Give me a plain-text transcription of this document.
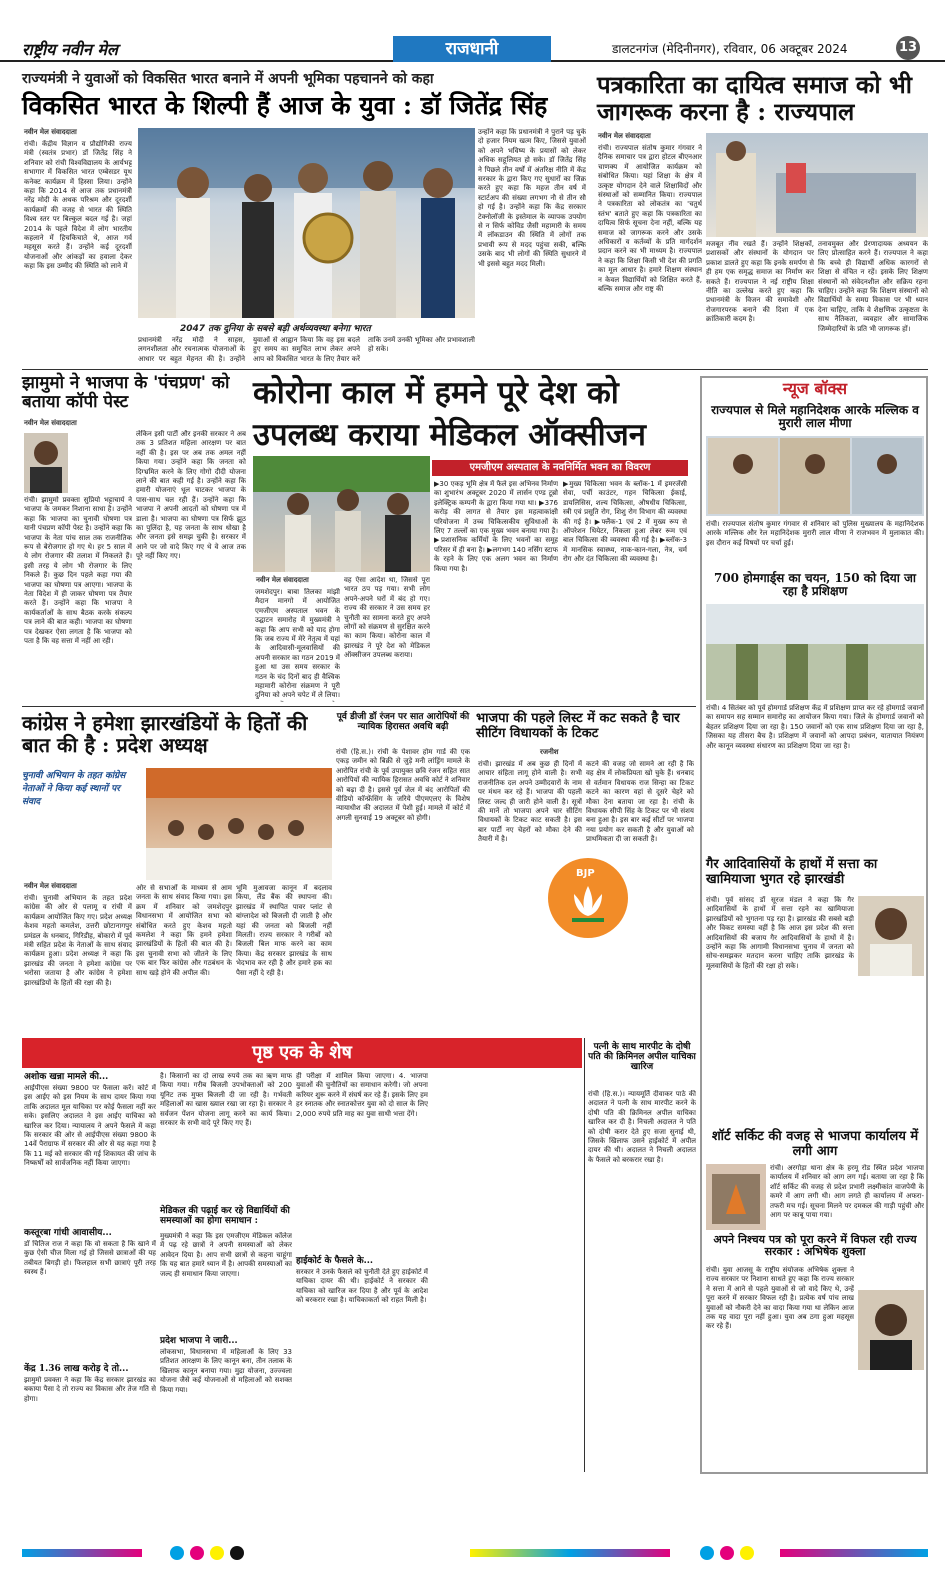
राष्ट्रीय नवीन मेल	राजधानी	डालटनगंज (मेदिनीनगर), रविवार, 06 अक्टूबर 2024	13
राज्यमंत्री ने युवाओं को विकसित भारत बनाने में अपनी भूमिका पहचानने को कहा
विकसित भारत के शिल्पी हैं आज के युवा : डॉ जितेंद्र सिंह
नवीन मेल संवाददाता
रांची। केंद्रीय विज्ञान व प्रौद्योगिकी राज्य मंत्री (स्वतंत्र प्रभार) डॉ जितेंद्र सिंह ने शनिवार को रांची विश्वविद्यालय के आर्यभट्ट सभागार में विकसित भारत एम्बेसडर यूथ कनेक्ट कार्यक्रम में हिस्सा लिया। उन्होंने कहा कि 2014 से आज तक प्रधानमंत्री नरेंद्र मोदी के अथक परिश्रम और दूरदर्शी कार्यक्रमों की वजह से भारत की स्थिति विश्व स्तर पर बिल्कुल बदल गई है। जहां 2014 के पहले विदेश में लोग भारतीय कहलाने में हिचकिचाते थे, आज गर्व महसूस करते हैं। उन्होंने कई दूरदर्शी योजनाओं और आंकड़ों का हवाला देकर कहा कि इस उम्मीद की स्थिति को लाने में
2047 तक दुनिया के सबसे बड़ी अर्थव्यवस्था बनेगा भारत
प्रधानमंत्री नरेंद्र मोदी ने साहस, लगनशीलता और रचनात्मक योजनाओं के आधार पर बहुत मेहनत की है। उन्होंने युवाओं से आह्वान किया कि वह इस बदले हुए समय का समुचित लाभ लेकर अपने आप को विकसित भारत के लिए तैयार करें ताकि उनमें उनकी भूमिका और प्रभावशाली हो सके।
उन्होंने कहा कि प्रधानमंत्री ने पुराने पड़ चुके दो हजार नियम खत्म किए, जिससे युवाओं को अपने भविष्य के प्रयासों को लेकर अधिक सहूलियत हो सके। डॉ जितेंद्र सिंह ने पिछले तीन वर्षों में अंतरिक्ष नीति में केंद्र सरकार के द्वारा किए गए सुधारों का जिक्र करते हुए कहा कि महज तीन वर्ष में स्टार्टअप की संख्या लगभग नौ से तीन सौ हो गई है। उन्होंने कहा कि केंद्र सरकार टेक्नोलॉजी के इस्तेमाल के व्यापक उपयोग से न सिर्फ कोविड जैसी महामारी के समय में लॉकडाउन की स्थिति में लोगों तक प्रभावी रूप से मदद पहुंचा सकी, बल्कि उसके बाद भी लोगों की स्थिति सुधारने में भी इससे बहुत मदद मिली।
पत्रकारिता का दायित्व समाज को भी जागरूक करना है : राज्यपाल
नवीन मेल संवाददाता
रांची। राज्यपाल संतोष कुमार गंगवार ने दैनिक समाचार पत्र द्वारा होटल बीएनआर चाणक्य में आयोजित कार्यक्रम को संबोधित किया। यहां शिक्षा के क्षेत्र में उत्कृष्ट योगदान देने वाले शिक्षाविदों और संस्थाओं को सम्मानित किया। राज्यपाल ने पत्रकारिता को लोकतंत्र का 'चतुर्थ स्तंभ' बताते हुए कहा कि पत्रकारिता का दायित्व सिर्फ सूचना देना नहीं, बल्कि यह समाज को जागरूक करने और उसके अधिकारों व कर्तव्यों के प्रति मार्गदर्शन प्रदान करने का भी माध्यम है। राज्यपाल ने कहा कि शिक्षा किसी भी देश की प्रगति का मूल आधार है। हमारे शिक्षण संस्थान न केवल विद्यार्थियों को शिक्षित करते हैं, बल्कि समाज और राष्ट्र की
मजबूत नींव रखते हैं। उन्होंने शिक्षकों, प्रशासकों और संस्थानों के योगदान पर प्रकाश डालते हुए कहा कि इनके समर्पण से ही हम एक समृद्ध समाज का निर्माण कर सकते हैं। राज्यपाल ने नई राष्ट्रीय शिक्षा नीति का उल्लेख करते हुए कहा कि प्रधानमंत्री के विजन की समावेशी और रोजगारपरक बनाने की दिशा में एक क्रांतिकारी कदम है।
तनावमुक्त और प्रेरणादायक अध्ययन के लिए प्रोत्साहित करने हैं। राज्यपाल ने कहा कि बच्चे ही विद्यार्थी अधिक कारगरों से शिक्षा से वंचित न रहें। इसके लिए शिक्षण संस्थानों को संवेदनशील और सक्रिय रहना चाहिए। उन्होंने कहा कि शिक्षण संस्थानों को विद्यार्थियों के समग्र विकास पर भी ध्यान देना चाहिए, ताकि वे शैक्षणिक उत्कृष्टता के साथ नैतिकता, व्यवहार और सामाजिक जिम्मेदारियों के प्रति भी जागरूक हों।
झामुमो ने भाजपा के 'पंचप्रण' को बताया कॉपी पेस्ट
नवीन मेल संवाददाता
रांची। झामुमो प्रवक्ता सुप्रियो भट्टाचार्य ने भाजपा के जमकर निशाना साधा है। उन्होंने कहा कि भाजपा का चुनावी घोषणा पत्र यानी पंचप्रण कॉपी पेस्ट है। उन्होंने कहा कि भाजपा के नेता पांच साल तक राजनीतिक रूप से बेरोजगार हो गए थे। हर 5 साल में ये लोग रोजगार की तलाश में निकलते हैं। इसी तरह ये लोग भी रोजगार के लिए निकले हैं। कुछ दिन पहले कहा गया की भाजपा का घोषणा पत्र आएगा। भाजपा के नेता विदेश में ही जाकर घोषणा पत्र तैयार करते हैं। उन्होंने कहा कि भाजपा ने कार्यकर्ताओं के साथ बैठक करके संकल्प पत्र लाने की बात कही। भाजपा का घोषणा पत्र देखकर ऐसा लगता है कि भाजपा को पता है कि वह सत्ता में नहीं आ रही।
लेकिन इसी पार्टी और इनकी सरकार ने अब तक 3 प्रतिशत महिला आरक्षण पर बात नहीं की है। इस पर अब तक अमल नहीं किया गया। उन्होंने कहा कि जनता को दिग्भ्रमित करने के लिए गोगो दीदी योजना लाने की बात कही गई है। उन्होंने कहा कि हमारी योजनाएं धूल चाटकर भाजपा के पास-साथ चल रही हैं। उन्होंने कहा कि भाजपा ने अपनी आदतों को घोषणा पत्र में डाला है। भाजपा का घोषणा पत्र सिर्फ झूठ का पुलिंदा है, यह जनता के साथ धोखा है और जनता इसे समझ चुकी है। सरकार में आने पर जो वादे किए गए थे वे आज तक पूरे नहीं किए गए।
कोरोना काल में हमने पूरे देश को उपलब्ध कराया मेडिकल ऑक्सीजन
एमजीएम अस्पताल के नवनिर्मित भवन का विवरण
नवीन मेल संवाददाता
जमशेदपुर। बाबा तिलका मांझी मैदान मानगो में आयोजित एमजीएम अस्पताल भवन के उद्घाटन समारोह में मुख्यमंत्री ने कहा कि आप सभी को याद होगा कि जब राज्य में मेरे नेतृत्व में यहां के आदिवासी-मूलवासियों की अपनी सरकार का गठन 2019 में हुआ था उस समय सरकार के गठन के चंद दिनों बाद ही वैश्विक महामारी कोरोना संक्रमण ने पूरी दुनिया को अपने चपेट में ले लिया।
वह ऐसा आदेश था, जिससे पूरा भारत ठप पड़ गया। सभी लोग अपने-अपने घरों में बंद हो गए। राज्य की सरकार ने उस समय हर चुनौती का सामना करते हुए अपने लोगों को संक्रमण से सुरक्षित करने का काम किया। कोरोना काल में झारखंड ने पूरे देश को मेडिकल ऑक्सीजन उपलब्ध कराया।
▶30 एकड़ भूमि क्षेत्र में फैले इस अभिनव निर्माण का शुभारंभ अक्टूबर 2020 में लार्सन एण्ड टूब्रो इलेक्ट्रिक कम्पनी के द्वारा किया गया था। ▶376 करोड़ की लागत से तैयार इस महत्वाकांक्षी परियोजना में उच्च चिकित्सकीय सुविधाओं के लिए 7 तल्लों का एक मुख्य भवन बनाया गया है। ▶प्रशासनिक कर्मियों के लिए भवनों का समूह परिसर में ही बना है। ▶लगभग 140 नर्सिंग स्टाफ के रहने के लिए एक अलग भवन का निर्माण किया गया है।
▶मुख्य चिकित्सा भवन के ब्लॉक-1 में इमरजेंसी सेवा, पर्ची काउंटर, गहन चिकित्सा ईकाई, डायलिसिस, शल्य चिकित्सा, औषधीय चिकित्सा, स्त्री एवं प्रसूति रोग, शिशु रोग विभाग की व्यवस्था की गई है। ▶फ्लैंक-1 एवं 2 में मुख्य रूप से ऑपरेशन थियेटर, निकला हुआ लेबर रूम एवं बाल चिकित्सा की व्यवस्था की गई है। ▶ब्लॉक-3 में मानसिक स्वास्थ्य, नाक-कान-गला, नेत्र, चर्म रोग और दंत चिकित्सा की व्यवस्था है।
न्यूज बॉक्स
राज्यपाल से मिले महानिदेशक आरके मल्लिक व मुरारी लाल मीणा
रांची। राज्यपाल संतोष कुमार गंगवार से शनिवार को पुलिस मुख्यालय के महानिदेशक आरके मल्लिक और रेल महानिदेशक मुरारी लाल मीणा ने राजभवन में मुलाकात की। इस दौरान कई विषयों पर चर्चा हुई।
700 होमगार्ड्स का चयन, 150 को दिया जा रहा है प्रशिक्षण
रांची। 4 सितंबर को पूर्व होमगार्ड प्रशिक्षण केंद्र में प्रशिक्षण प्राप्त कर रहे होमगार्ड जवानों का समापन सह सम्मान समारोह का आयोजन किया गया। जिले के होमगार्ड जवानों को बेहतर प्रशिक्षण दिया जा रहा है। 150 जवानों को एक साथ प्रशिक्षण दिया जा रहा है, जिसका यह तीसरा बैच है। प्रशिक्षण में जवानों को आपदा प्रबंधन, यातायात नियंत्रण और कानून व्यवस्था संधारण का प्रशिक्षण दिया जा रहा है।
गैर आदिवासियों के हाथों में सत्ता का खामियाजा भुगत रहे झारखंडी
रांची। पूर्व सांसद डॉ सूरज मंडल ने कहा कि गैर आदिवासियों के हाथों में सत्ता रहने का खामियाजा झारखंडियों को भुगतना पड़ रहा है। झारखंड की सबसे बड़ी और विकट समस्या वहीं है कि आज इस प्रदेश की सत्ता आदिवासियों की बजाय गैर आदिवासियों के हाथों में है। उन्होंने कहा कि आगामी विधानसभा चुनाव में जनता को सोच-समझकर मतदान करना चाहिए ताकि झारखंड के मूलवासियों के हितों की रक्षा हो सके।
शॉर्ट सर्किट की वजह से भाजपा कार्यालय में लगी आग
रांची। अरगोड़ा थाना क्षेत्र के हरमू रोड स्थित प्रदेश भाजपा कार्यालय में शनिवार को आग लग गई। बताया जा रहा है कि शॉर्ट सर्किट की वजह से प्रदेश प्रभारी लक्ष्मीकांत वाजपेयी के कमरे में आग लगी थी। आग लगते ही कार्यालय में अफरा-तफरी मच गई। सूचना मिलने पर दमकल की गाड़ी पहुंची और आग पर काबू पाया गया।
अपने निश्चय पत्र को पूरा करने में विफल रही राज्य सरकार : अभिषेक शुक्ला
रांची। युवा आजसू के राष्ट्रीय संयोजक अभिषेक शुक्ला ने राज्य सरकार पर निशाना साधते हुए कहा कि राज्य सरकार ने सत्ता में आने से पहले युवाओं से जो वादे किए थे, उन्हें पूरा करने में सरकार विफल रही है। प्रत्येक वर्ष पांच लाख युवाओं को नौकरी देने का वादा किया गया था लेकिन आज तक यह वादा पूरा नहीं हुआ। युवा अब ठगा हुआ महसूस कर रहे हैं।
कांग्रेस ने हमेशा झारखंडियों के हितों की बात की है : प्रदेश अध्यक्ष
चुनावी अभियान के तहत कांग्रेस नेताओं ने किया कई स्थानों पर संवाद
नवीन मेल संवाददाता
रांची। चुनावी अभियान के तहत प्रदेश कांग्रेस की ओर से पलामू व रांची में कार्यक्रम आयोजित किए गए। प्रदेश अध्यक्ष केशव महतो कमलेश, उत्तरी छोटानागपुर प्रमंडल के धनबाद, गिरिडीह, बोकारो में पूर्व मंत्री सहित प्रदेश के नेताओं के साथ संवाद कार्यक्रम हुआ। प्रदेश अध्यक्ष ने कहा कि झारखंड की जनता ने हमेशा कांग्रेस पर भरोसा जताया है और कांग्रेस ने हमेशा झारखंडियों के हितों की रक्षा की है।
ओर से सभाओं के माध्यम से आम जनता के साथ संवाद किया गया। इस क्रम में शनिवार को जमशेदपुर विधानसभा में आयोजित सभा को संबोधित करते हुए केशव महतो कमलेश ने कहा कि हमने हमेशा झारखंडियों के हितों की बात की है। इस चुनावी सभा को जीतने के लिए एक बार फिर कांग्रेस और गठबंधन के साथ खड़े होने की अपील की।
भूमि मुआवजा कानून में बदलाव किया, लैंड बैंक की स्थापना की। झारखंड में स्थापित पावर प्लांट से बांग्लादेश को बिजली दी जाती है और यहां की जनता को बिजली नहीं मिलती। राज्य सरकार ने गरीबों को बिजली बिल माफ करने का काम किया। केंद्र सरकार झारखंड के साथ भेदभाव कर रही है और हमारे हक का पैसा नहीं दे रही है।
पूर्व डीजी डॉ रंजन पर सात आरोपियों की न्यायिक हिरासत अवधि बढ़ी
रांची (हि.स.)। रांची के पेशावर होम गार्ड की एक एकड़ जमीन को बिक्री से जुड़े मनी लांड्रिंग मामले के आरोपित रांची के पूर्व उपायुक्त छवि रंजन सहित सात आरोपियों की न्यायिक हिरासत अवधि कोर्ट ने शनिवार को बढ़ा दी है। इससे पूर्व जेल में बंद आरोपितों की वीडियो कॉन्फ्रेंसिंग के जरिये पीएमएलए के विशेष न्यायाधीश की अदालत में पेशी हुई। मामले में कोर्ट में अगली सुनवाई 19 अक्टूबर को होगी।
भाजपा की पहले लिस्ट में कट सकते है चार सीटिंग विधायकों के टिकट
रजनीश
रांची। झारखंड में अब कुछ ही दिनों में आचार संहिता लागू होने वाली है। सभी राजनीतिक दल अपने उम्मीदवारों के नाम पर मंथन कर रहे हैं। भाजपा की पहली लिस्ट जल्द ही जारी होने वाली है। सूत्रों की मानें तो भाजपा अपने चार सीटिंग विधायकों के टिकट काट सकती है। इस बार पार्टी नए चेहरों को मौका देने की तैयारी में है।
BJP
कटने की वजह जो सामने आ रही है कि वह क्षेत्र में लोकप्रियता खो चुके हैं। धनबाद से वर्तमान विधायक राज सिन्हा का टिकट कटने का कारण वहां से दूसरे चेहरे को मौका देना बताया जा रहा है। रांची के विधायक सीपी सिंह के टिकट पर भी संशय बना हुआ है। इस बार कई सीटों पर भाजपा नया प्रयोग कर सकती है और युवाओं को प्राथमिकता दी जा सकती है।
पृष्ठ एक के शेष
अशोक खन्ना मामले की...
आईपीएस संख्या 9800 पर फैसला करें। कोर्ट में इस आईए को इस नियम के साथ दायर किया गया ताकि अदालत मूल याचिका पर कोई फैसला नहीं कर सके। इसलिए अदालत ने इस आईए याचिका को खारिज कर दिया। न्यायालय ने अपने फैसले में कहा कि सरकार की ओर से आईपीएस संख्या 9800 के 14वें पैराग्राफ में सरकार की ओर से यह कहा गया है कि 11 मई को सरकार की गई शिकायत की जांच के निष्कर्षों को सार्वजनिक नहीं किया जाएगा।
कस्तूरबा गांधी आवासीय...
डॉ चितिज राज ने कहा कि वो सकता है कि खाने में कुछ ऐसी चीज मिला गई हो जिससे छात्राओं की यह तबीयत बिगड़ी हो। फिलहाल सभी छात्राएं पूरी तरह स्वस्थ हैं।
केंद्र 1.36 लाख करोड़ दे तो...
झामुमो प्रवक्ता ने कहा कि केंद्र सरकार झारखंड का बकाया पैसा दे तो राज्य का विकास और तेज गति से होगा।
है। किसानों का दो लाख रुपये तक का ऋण माफ किया गया। गरीब बिजली उपभोक्ताओं को 200 यूनिट तक मुफ्त बिजली दी जा रही है। गर्भवती महिलाओं का खास ख्याल रखा जा रहा है। सरकार ने सर्वजन पेंशन योजना लागू करने का कार्य किया। सरकार के सभी वादे पूरे किए गए हैं।
मेडिकल की पढ़ाई कर रहे विद्यार्थियों की समस्याओं का होगा समाधान :
मुख्यमंत्री ने कहा कि इस एमजीएम मेडिकल कॉलेज में पढ़ रहे छात्रों ने अपनी समस्याओं को लेकर आवेदन दिया है। आप सभी छात्रों से कहना चाहूंगा कि यह बात हमारे ध्यान में है। आपकी समस्याओं का जल्द ही समाधान किया जाएगा।
प्रदेश भाजपा ने जारी...
लोकसभा, विधानसभा में महिलाओं के लिए 33 प्रतिशत आरक्षण के लिए कानून बना, तीन तलाक के खिलाफ कानून बनाया गया। मुद्रा योजना, उज्ज्वला योजना जैसे कई योजनाओं से महिलाओं को सशक्त किया गया।
ही परीक्षा में शामिल किया जाएगा। 4. भाजपा युवाओं की चुनौतियों का समाधान करेगी। जो अपना करियर शुरू करने में संघर्ष कर रहे हैं। इसके लिए हम हर स्नातक और स्नातकोत्तर युवा को दो साल के लिए 2,000 रुपये प्रति माह का युवा साथी भत्ता देंगे।
हाईकोर्ट के फैसले के...
सरकार ने उनके फैसले को चुनौती देते हुए हाईकोर्ट में याचिका दायर की थी। हाईकोर्ट ने सरकार की याचिका को खारिज कर दिया है और पूर्व के आदेश को बरकरार रखा है। याचिकाकर्ता को राहत मिली है।
पत्नी के साथ मारपीट के दोषी पति की क्रिमिनल अपील याचिका खारिज
रांची (हि.स.)। न्यायमूर्ति दीवाकर पाठे की अदालत ने पत्नी के साथ मारपीट करने के दोषी पति की क्रिमिनल अपील याचिका खारिज कर दी है। निचली अदालत ने पति को दोषी करार देते हुए सजा सुनाई थी, जिसके खिलाफ उसने हाईकोर्ट में अपील दायर की थी। अदालत ने निचली अदालत के फैसले को बरकरार रखा है।
